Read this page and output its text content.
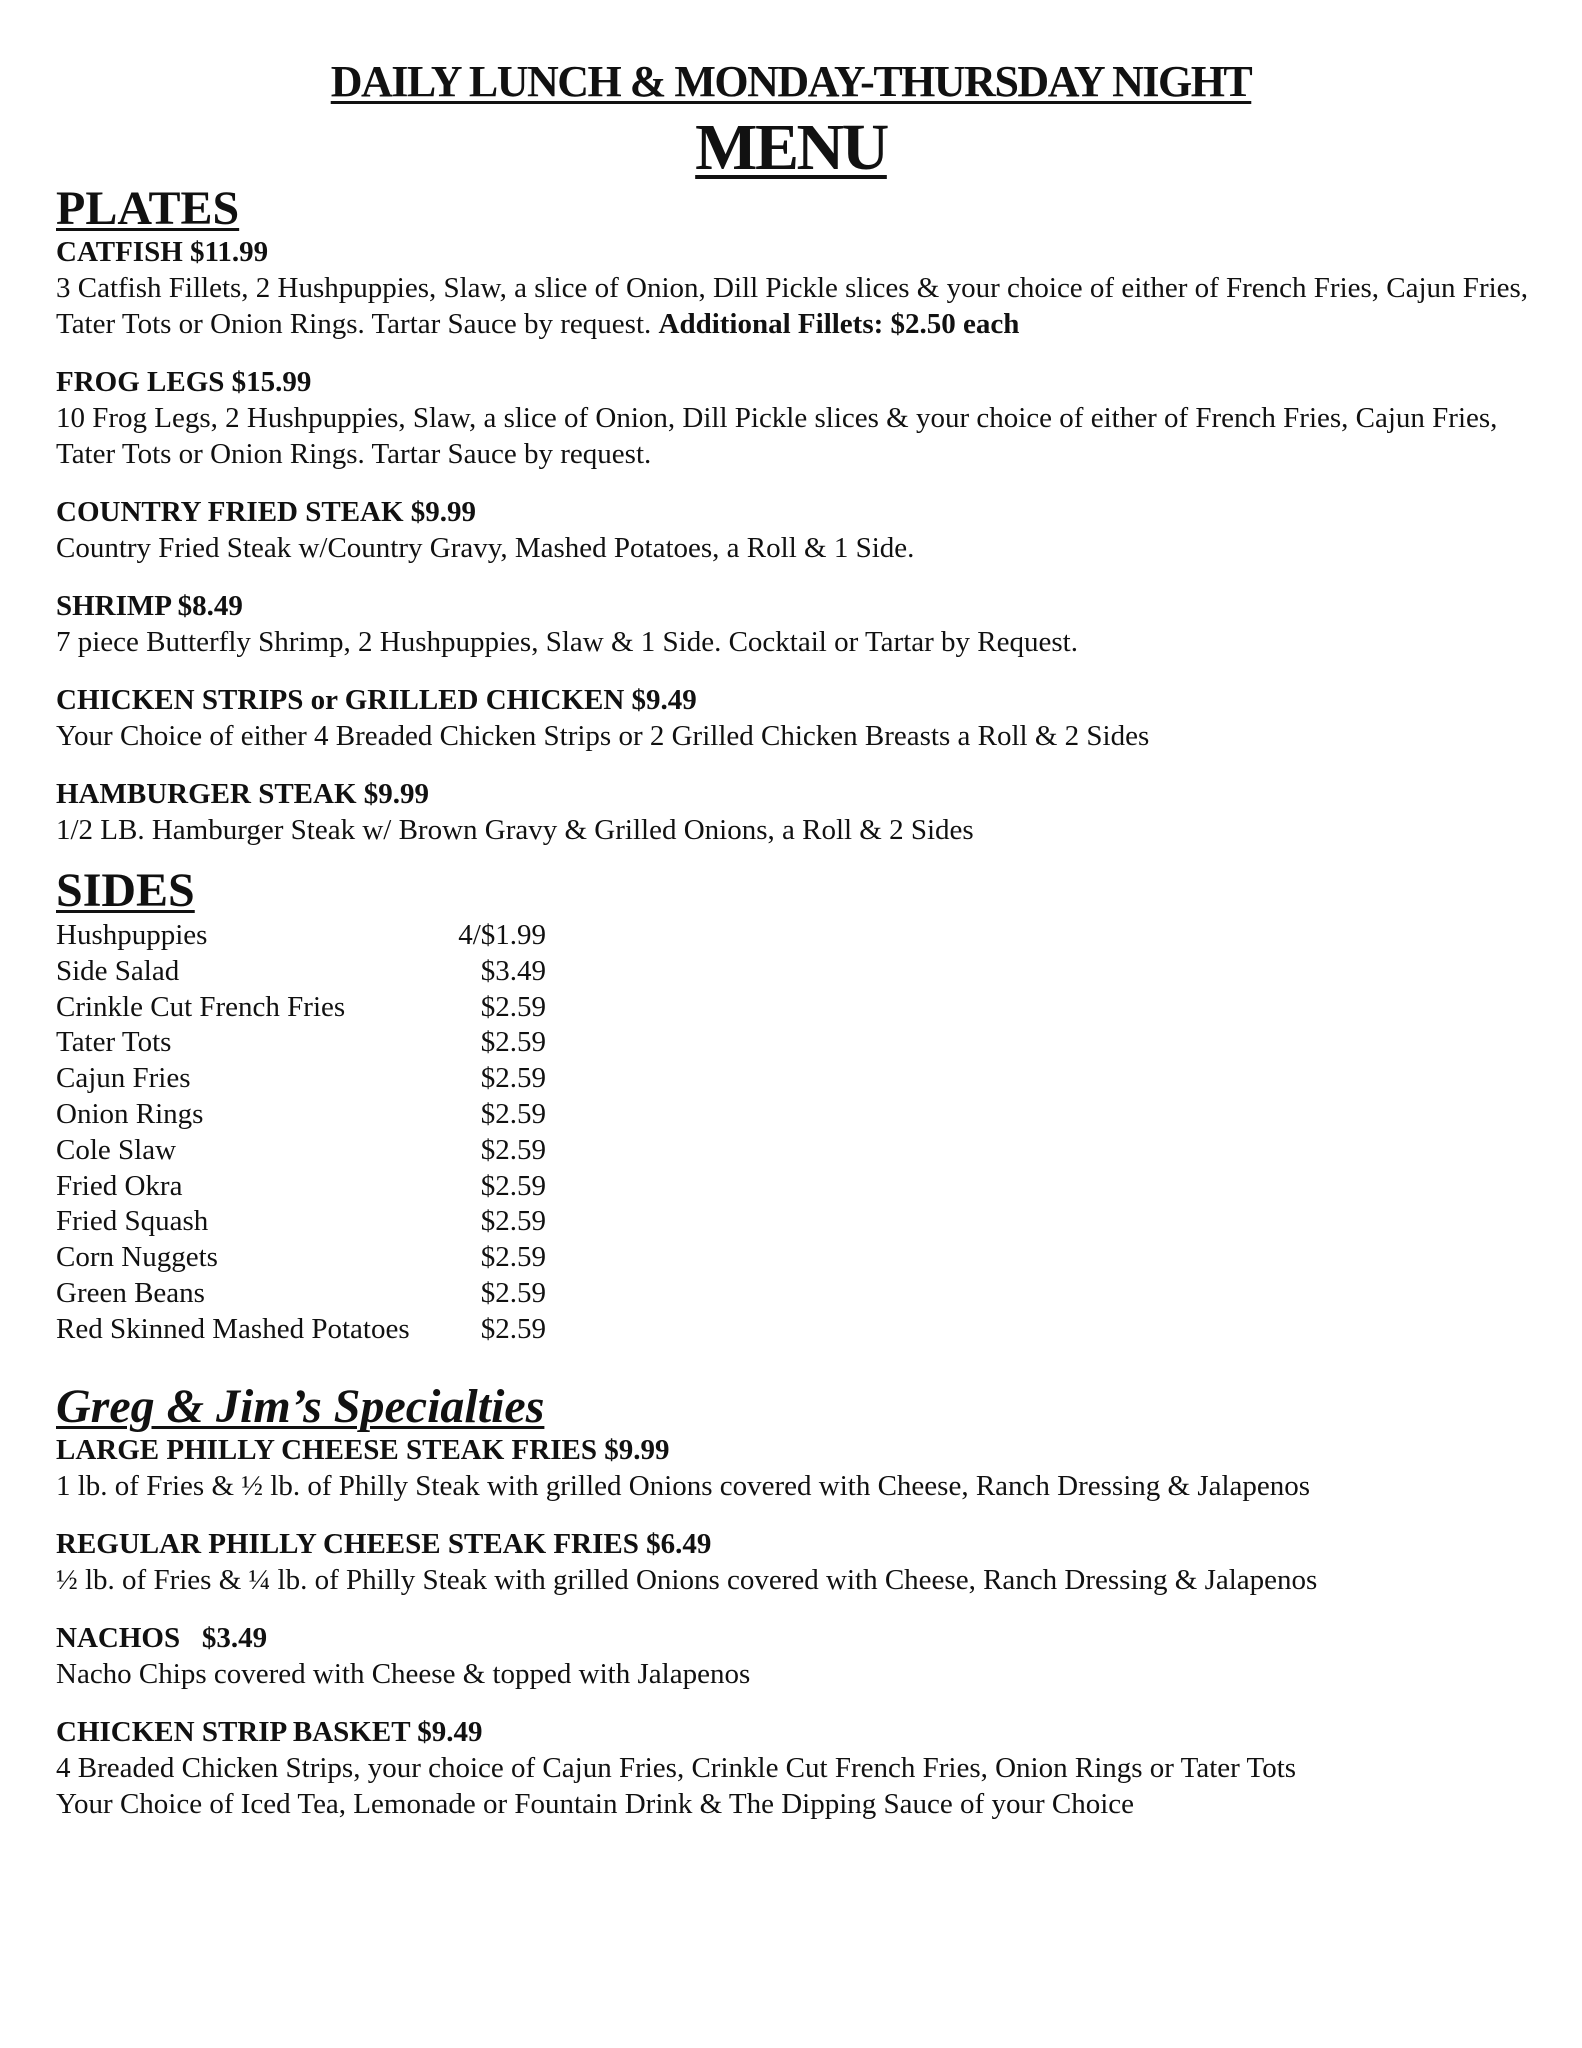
DAILY LUNCH & MONDAY-THURSDAY NIGHT
MENU
PLATES
CATFISH $11.99
3 Catfish Fillets, 2 Hushpuppies, Slaw, a slice of Onion, Dill Pickle slices & your choice of either of French Fries, Cajun Fries, Tater Tots or Onion Rings. Tartar Sauce by request. Additional Fillets: $2.50 each
FROG LEGS $15.99
10 Frog Legs, 2 Hushpuppies, Slaw, a slice of Onion, Dill Pickle slices & your choice of either of French Fries, Cajun Fries, Tater Tots or Onion Rings. Tartar Sauce by request.
COUNTRY FRIED STEAK $9.99
Country Fried Steak w/Country Gravy, Mashed Potatoes, a Roll & 1 Side.
SHRIMP $8.49
7 piece Butterfly Shrimp, 2 Hushpuppies, Slaw & 1 Side. Cocktail or Tartar by Request.
CHICKEN STRIPS or GRILLED CHICKEN $9.49
Your Choice of either 4 Breaded Chicken Strips or 2 Grilled Chicken Breasts a Roll & 2 Sides
HAMBURGER STEAK $9.99
1/2 LB. Hamburger Steak w/ Brown Gravy & Grilled Onions, a Roll & 2 Sides
SIDES
Hushpuppies	4/$1.99
Side Salad	$3.49
Crinkle Cut French Fries	$2.59
Tater Tots	$2.59
Cajun Fries	$2.59
Onion Rings	$2.59
Cole Slaw	$2.59
Fried Okra	$2.59
Fried Squash	$2.59
Corn Nuggets	$2.59
Green Beans	$2.59
Red Skinned Mashed Potatoes	$2.59
Greg & Jim’s Specialties
LARGE PHILLY CHEESE STEAK FRIES $9.99
1 lb. of Fries & ½ lb. of Philly Steak with grilled Onions covered with Cheese, Ranch Dressing & Jalapenos
REGULAR PHILLY CHEESE STEAK FRIES $6.49
½ lb. of Fries & ¼ lb. of Philly Steak with grilled Onions covered with Cheese, Ranch Dressing & Jalapenos
NACHOS   $3.49
Nacho Chips covered with Cheese & topped with Jalapenos
CHICKEN STRIP BASKET $9.49
4 Breaded Chicken Strips, your choice of Cajun Fries, Crinkle Cut French Fries, Onion Rings or Tater Tots
Your Choice of Iced Tea, Lemonade or Fountain Drink & The Dipping Sauce of your Choice
